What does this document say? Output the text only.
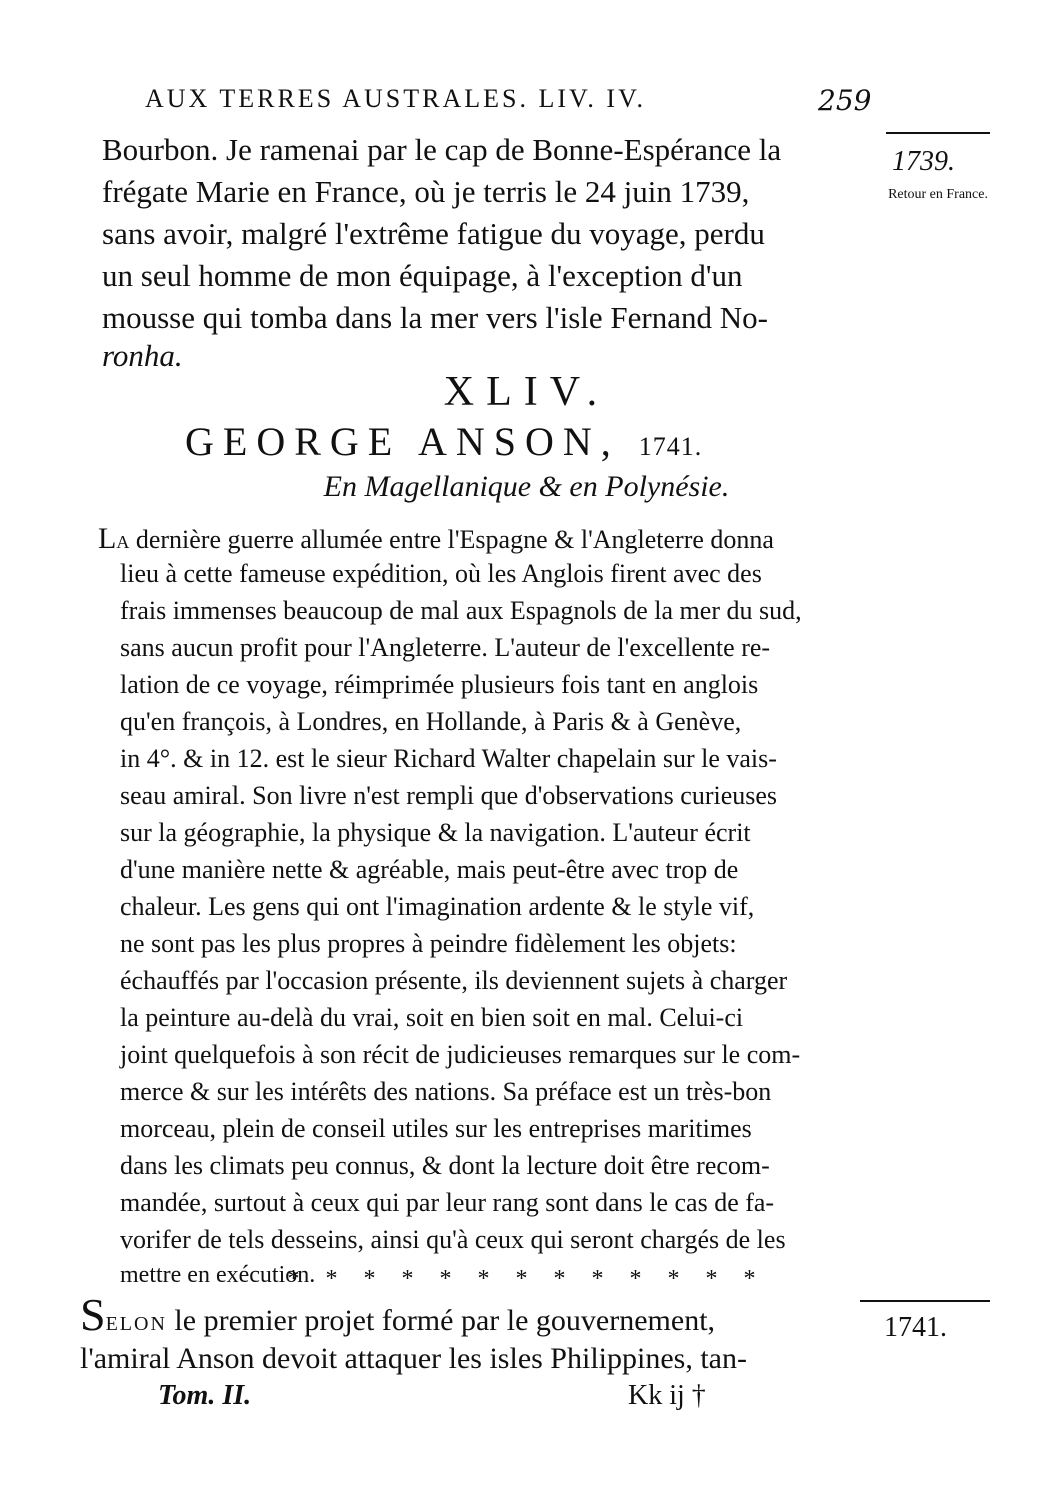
AUX TERRES AUSTRALES. LIV. IV.	259
1739.
Retour en France.
Bourbon. Je ramenai par le cap de Bonne-Espérance la
frégate Marie en France, où je terris le 24 juin 1739,
sans avoir, malgré l'extrême fatigue du voyage, perdu
un seul homme de mon équipage, à l'exception d'un
mousse qui tomba dans la mer vers l'isle Fernand No-
ronha.
XLIV.
GEORGE ANSON, 1741.
En Magellanique & en Polynésie.
LA dernière guerre allumée entre l'Espagne & l'Angleterre donna
lieu à cette fameuse expédition, où les Anglois firent avec des
frais immenses beaucoup de mal aux Espagnols de la mer du sud,
sans aucun profit pour l'Angleterre. L'auteur de l'excellente re-
lation de ce voyage, réimprimée plusieurs fois tant en anglois
qu'en françois, à Londres, en Hollande, à Paris & à Genève,
in 4°. & in 12. est le sieur Richard Walter chapelain sur le vais-
seau amiral. Son livre n'est rempli que d'observations curieuses
sur la géographie, la physique & la navigation. L'auteur écrit
d'une manière nette & agréable, mais peut-être avec trop de
chaleur. Les gens qui ont l'imagination ardente & le style vif,
ne sont pas les plus propres à peindre fidèlement les objets:
échauffés par l'occasion présente, ils deviennent sujets à charger
la peinture au-delà du vrai, soit en bien soit en mal. Celui-ci
joint quelquefois à son récit de judicieuses remarques sur le com-
merce & sur les intérêts des nations. Sa préface est un très-bon
morceau, plein de conseil utiles sur les entreprises maritimes
dans les climats peu connus, & dont la lecture doit être recom-
mandée, surtout à ceux qui par leur rang sont dans le cas de fa-
vorifer de tels desseins, ainsi qu'à ceux qui seront chargés de les
mettre en exécution.
* * * * * * * * * * * * *
1741.
SELON le premier projet formé par le gouvernement,
l'amiral Anson devoit attaquer les isles Philippines, tan-
Tom. II.	Kk ij †
